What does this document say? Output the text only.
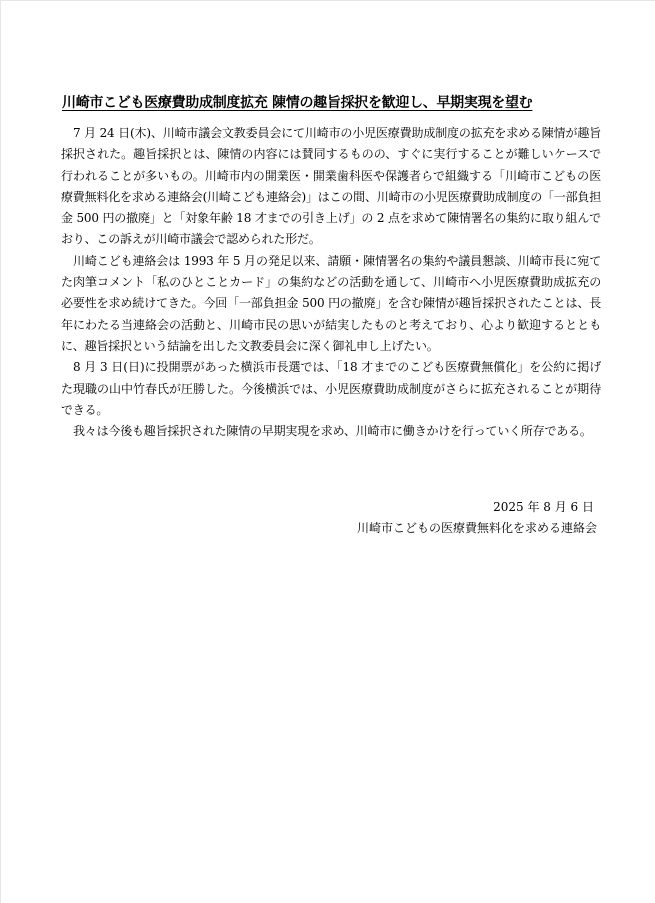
川崎市こども医療費助成制度拡充 陳情の趣旨採択を歓迎し、早期実現を望む

7 月 24 日(木)、川崎市議会文教委員会にて川崎市の小児医療費助成制度の拡充を求める陳情が趣旨採択された。趣旨採択とは、陳情の内容には賛同するものの、すぐに実行することが難しいケースで行われることが多いもの。川崎市内の開業医・開業歯科医や保護者らで組織する「川崎市こどもの医療費無料化を求める連絡会(川崎こども連絡会)」はこの間、川崎市の小児医療費助成制度の「一部負担金 500 円の撤廃」と「対象年齢 18 才までの引き上げ」の 2 点を求めて陳情署名の集約に取り組んでおり、この訴えが川崎市議会で認められた形だ。

川崎こども連絡会は 1993 年 5 月の発足以来、請願・陳情署名の集約や議員懇談、川崎市長に宛てた肉筆コメント「私のひとことカード」の集約などの活動を通して、川崎市へ小児医療費助成拡充の必要性を求め続けてきた。今回「一部負担金 500 円の撤廃」を含む陳情が趣旨採択されたことは、長年にわたる当連絡会の活動と、川崎市民の思いが結実したものと考えており、心より歓迎するとともに、趣旨採択という結論を出した文教委員会に深く御礼申し上げたい。

8 月 3 日(日)に投開票があった横浜市長選では、「18 才までのこども医療費無償化」を公約に掲げた現職の山中竹春氏が圧勝した。今後横浜では、小児医療費助成制度がさらに拡充されることが期待できる。

我々は今後も趣旨採択された陳情の早期実現を求め、川崎市に働きかけを行っていく所存である。

2025 年 8 月 6 日
川崎市こどもの医療費無料化を求める連絡会
